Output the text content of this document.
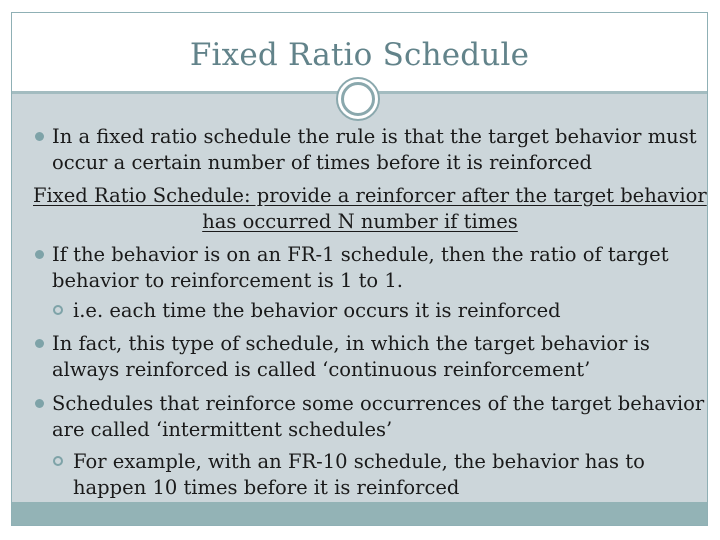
Fixed Ratio Schedule
In a fixed ratio schedule the rule is that the target behavior must
occur a certain number of times before it is reinforced
Fixed Ratio Schedule: provide a reinforcer after the target behavior
has occurred N number if times
If the behavior is on an FR-1 schedule, then the ratio of target
behavior to reinforcement is 1 to 1.
i.e. each time the behavior occurs it is reinforced
In fact, this type of schedule, in which the target behavior is
always reinforced is called ‘continuous reinforcement’
Schedules that reinforce some occurrences of the target behavior
are called ‘intermittent schedules’
For example, with an FR-10 schedule, the behavior has to
happen 10 times before it is reinforced
